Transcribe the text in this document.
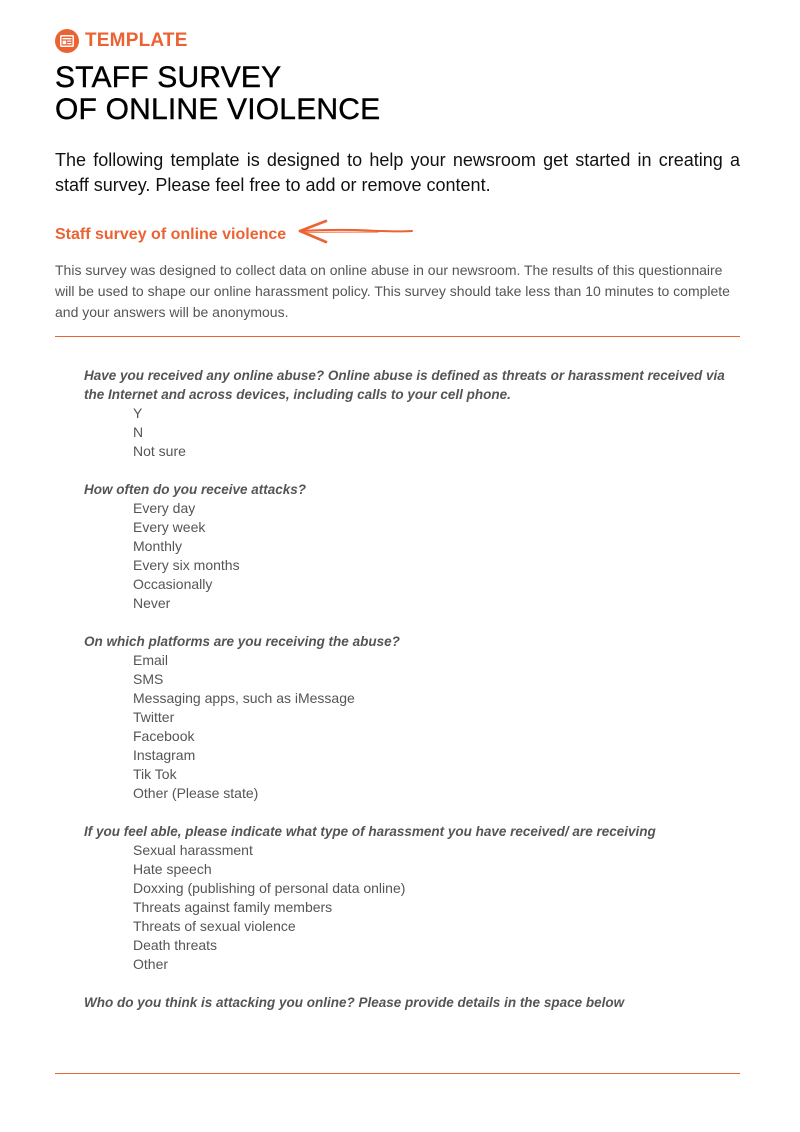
TEMPLATE
STAFF SURVEY
OF ONLINE VIOLENCE

The following template is designed to help your newsroom get started in creating a staff survey. Please feel free to add or remove content.

Staff survey of online violence

This survey was designed to collect data on online abuse in our newsroom. The results of this questionnaire will be used to shape our online harassment policy. This survey should take less than 10 minutes to complete and your answers will be anonymous.

Have you received any online abuse? Online abuse is defined as threats or harassment received via the Internet and across devices, including calls to your cell phone.

Y
N
Not sure

How often do you receive attacks?

Every day
Every week
Monthly
Every six months
Occasionally
Never

On which platforms are you receiving the abuse?

Email
SMS
Messaging apps, such as iMessage
Twitter
Facebook
Instagram
Tik Tok
Other (Please state)

If you feel able, please indicate what type of harassment you have received/ are receiving

Sexual harassment
Hate speech
Doxxing (publishing of personal data online)
Threats against family members
Threats of sexual violence
Death threats
Other

Who do you think is attacking you online? Please provide details in the space below
